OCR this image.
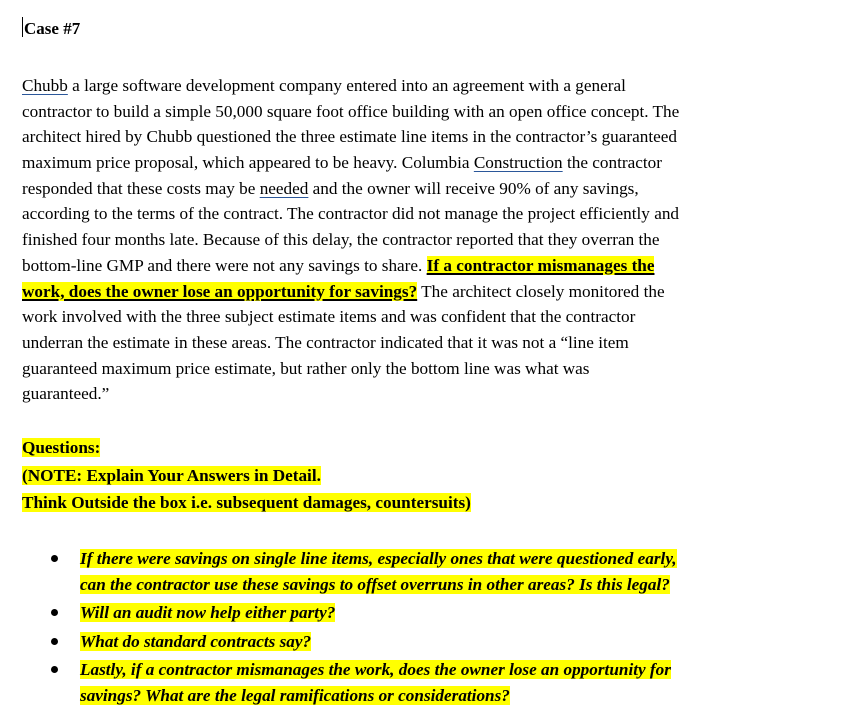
Case #7
Chubb a large software development company entered into an agreement with a general
contractor to build a simple 50,000 square foot office building with an open office concept. The
architect hired by Chubb questioned the three estimate line items in the contractor’s guaranteed
maximum price proposal, which appeared to be heavy. Columbia Construction the contractor
responded that these costs may be needed and the owner will receive 90% of any savings,
according to the terms of the contract. The contractor did not manage the project efficiently and
finished four months late. Because of this delay, the contractor reported that they overran the
bottom-line GMP and there were not any savings to share. If a contractor mismanages the
work, does the owner lose an opportunity for savings? The architect closely monitored the
work involved with the three subject estimate items and was confident that the contractor
underran the estimate in these areas. The contractor indicated that it was not a “line item
guaranteed maximum price estimate, but rather only the bottom line was what was
guaranteed.”
Questions:
(NOTE: Explain Your Answers in Detail.
Think Outside the box i.e. subsequent damages, countersuits)
If there were savings on single line items, especially ones that were questioned early,
can the contractor use these savings to offset overruns in other areas? Is this legal?
Will an audit now help either party?
What do standard contracts say?
Lastly, if a contractor mismanages the work, does the owner lose an opportunity for
savings? What are the legal ramifications or considerations?
